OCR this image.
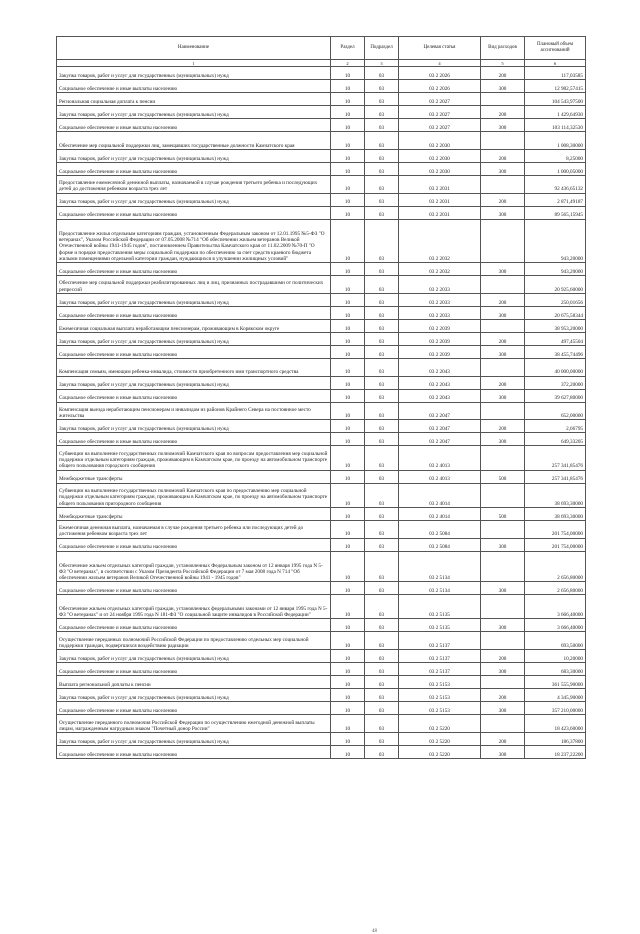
Наименование	Раздел	Подраздел	Целевая статья	Вид расходов	Плановый объем ассигнований
1	2	3	4	5	6
Закупка товаров, работ и услуг для государственных (муниципальных) нужд	10	03	03 2 2026	200	117,03585
Социальное обеспечение и иные выплаты населению	10	03	03 2 2026	300	12 982,57415
Региональная социальная доплата к пенсии	10	03	03 2 2027		104 543,97500
Закупка товаров, работ и услуг для государственных (муниципальных) нужд	10	03	03 2 2027	200	1 429,64930
Социальное обеспечение и иные выплаты населению	10	03	03 2 2027	300	103 114,32530
Обеспечение мер социальной поддержки лиц, замещавших государственные должности Камчатского края	10	03	03 2 2030		1 008,30000
Закупка товаров, работ и услуг для государственных (муниципальных) нужд	10	03	03 2 2030	200	8,25000
Социальное обеспечение и иные выплаты населению	10	03	03 2 2030	300	1 000,05000
Предоставление ежемесячной денежной выплаты, назначаемой в случае рождения третьего ребенка и последующих детей до достижения ребенком возраста трех лет	10	03	03 2 2031		92 436,65132
Закупка товаров, работ и услуг для государственных (муниципальных) нужд	10	03	03 2 2031	200	2 871,49187
Социальное обеспечение и иные выплаты населению	10	03	03 2 2031	300	89 565,15945
Предоставление жилья отдельным категориям граждан, установленным Федеральным законом от 12.01.1995 №5-ФЗ "О ветеранах", Указом Российской Федерации от 07.05.2008 №714 "Об обеспечении жильем ветеранов Великой Отечественной войны 1941-1945 годов", постановлением Правительства Камчатского края от 11.02.2009 №70-П "О форме и порядке предоставления меры социальной поддержки по обеспечению за счет средств краевого бюджета жилыми помещениями отдельной категории граждан, нуждающихся в улучшении жилищных условий"	10	03	03 2 2032		943,20000
Социальное обеспечение и иные выплаты населению	10	03	03 2 2032	300	943,20000
Обеспечение мер социальной поддержки реабилитированных лиц и лиц, признанных пострадавшими от политических репрессий	10	03	03 2 2033		20 925,60000
Закупка товаров, работ и услуг для государственных (муниципальных) нужд	10	03	03 2 2033	200	250,01656
Социальное обеспечение и иные выплаты населению	10	03	03 2 2033	300	20 675,58344
Ежемесячная социальная выплата неработающим пенсионерам, проживающим в Корякском округе	10	03	03 2 2039		38 953,20000
Закупка товаров, работ и услуг для государственных (муниципальных) нужд	10	03	03 2 2039	200	497,45504
Социальное обеспечение и иные выплаты населению	10	03	03 2 2039	300	38 455,74496
Компенсация семьям, имеющим ребенка-инвалида, стоимости приобретенного ими транспортного средства	10	03	03 2 2043		40 000,00000
Закупка товаров, работ и услуг для государственных (муниципальных) нужд	10	03	03 2 2043	200	372,20000
Социальное обеспечение и иные выплаты населению	10	03	03 2 2043	300	39 627,80000
Компенсация выезда неработающим пенсионерам и инвалидам из районов Крайнего Севера на постоянное место жительства	10	03	03 2 2047		652,00000
Закупка товаров, работ и услуг для государственных (муниципальных) нужд	10	03	03 2 2047	200	2,66795
Социальное обеспечение и иные выплаты населению	10	03	03 2 2047	300	649,33205
Субвенции на выполнение государственных полномочий Камчатского края по вопросам предоставления мер социальной поддержки отдельным категориям граждан, проживающим в Камчатском крае, по проезду на автомобильном транспорте общего пользования городского сообщения	10	03	03 2 4013		257 341,85476
Межбюджетные трансферты	10	03	03 2 4013	500	257 341,85476
Субвенции на выполнение государственных полномочий Камчатского края по предоставлению мер социальной поддержки отдельным категориям граждан, проживающим в Камчатском крае, по проезду на автомобильном транспорте общего пользования пригородного сообщения	10	03	03 2 4014		38 693,30000
Межбюджетные трансферты	10	03	03 2 4014	500	38 693,30000
Ежемесячная денежная выплата, назначаемая в случае рождения третьего ребенка или последующих детей до достижения ребенком возраста трех лет	10	03	03 2 5084		201 754,00000
Социальное обеспечение и иные выплаты населению	10	03	03 2 5084	300	201 754,00000
Обеспечение жильем отдельных категорий граждан, установленных Федеральным законом от 12 января 1995 года N 5-ФЗ "О ветеранах", в соответствии с Указом Президента Российской Федерации от 7 мая 2008 года N 714 "Об обеспечении жильем ветеранов Великой Отечественной войны 1941 - 1945 годов"	10	03	03 2 5134		2 656,80000
Социальное обеспечение и иные выплаты населению	10	03	03 2 5134	300	2 656,80000
Обеспечение жильем отдельных категорий граждан, установленных федеральными законами от 12 января 1995 года N 5-ФЗ "О ветеранах" и от 24 ноября 1995 года N 181-ФЗ "О социальной защите инвалидов в Российской Федерации"	10	03	03 2 5135		3 666,40000
Социальное обеспечение и иные выплаты населению	10	03	03 2 5135	300	3 666,40000
Осуществление переданных полномочий Российской Федерации по предоставлению отдельных мер социальной поддержки граждан, подвергшихся воздействию радиации	10	03	03 2 5137		693,50000
Закупка товаров, работ и услуг для государственных (муниципальных) нужд	10	03	03 2 5137	200	10,20000
Социальное обеспечение и иные выплаты населению	10	03	03 2 5137	300	683,30000
Выплата региональной доплаты к пенсии	10	03	03 2 5153		361 555,90000
Закупка товаров, работ и услуг для государственных (муниципальных) нужд	10	03	03 2 5153	200	4 345,90000
Социальное обеспечение и иные выплаты населению	10	03	03 2 5153	300	357 210,00000
Осуществление переданного полномочия Российской Федерации по осуществлению ежегодной денежной выплаты лицам, награжденным нагрудным знаком "Почетный донор России"	10	03	03 2 5220		18 423,60000
Закупка товаров, работ и услуг для государственных (муниципальных) нужд	10	03	03 2 5220	200	186,37800
Социальное обеспечение и иные выплаты населению	10	03	03 2 5220	300	18 237,22200
48
